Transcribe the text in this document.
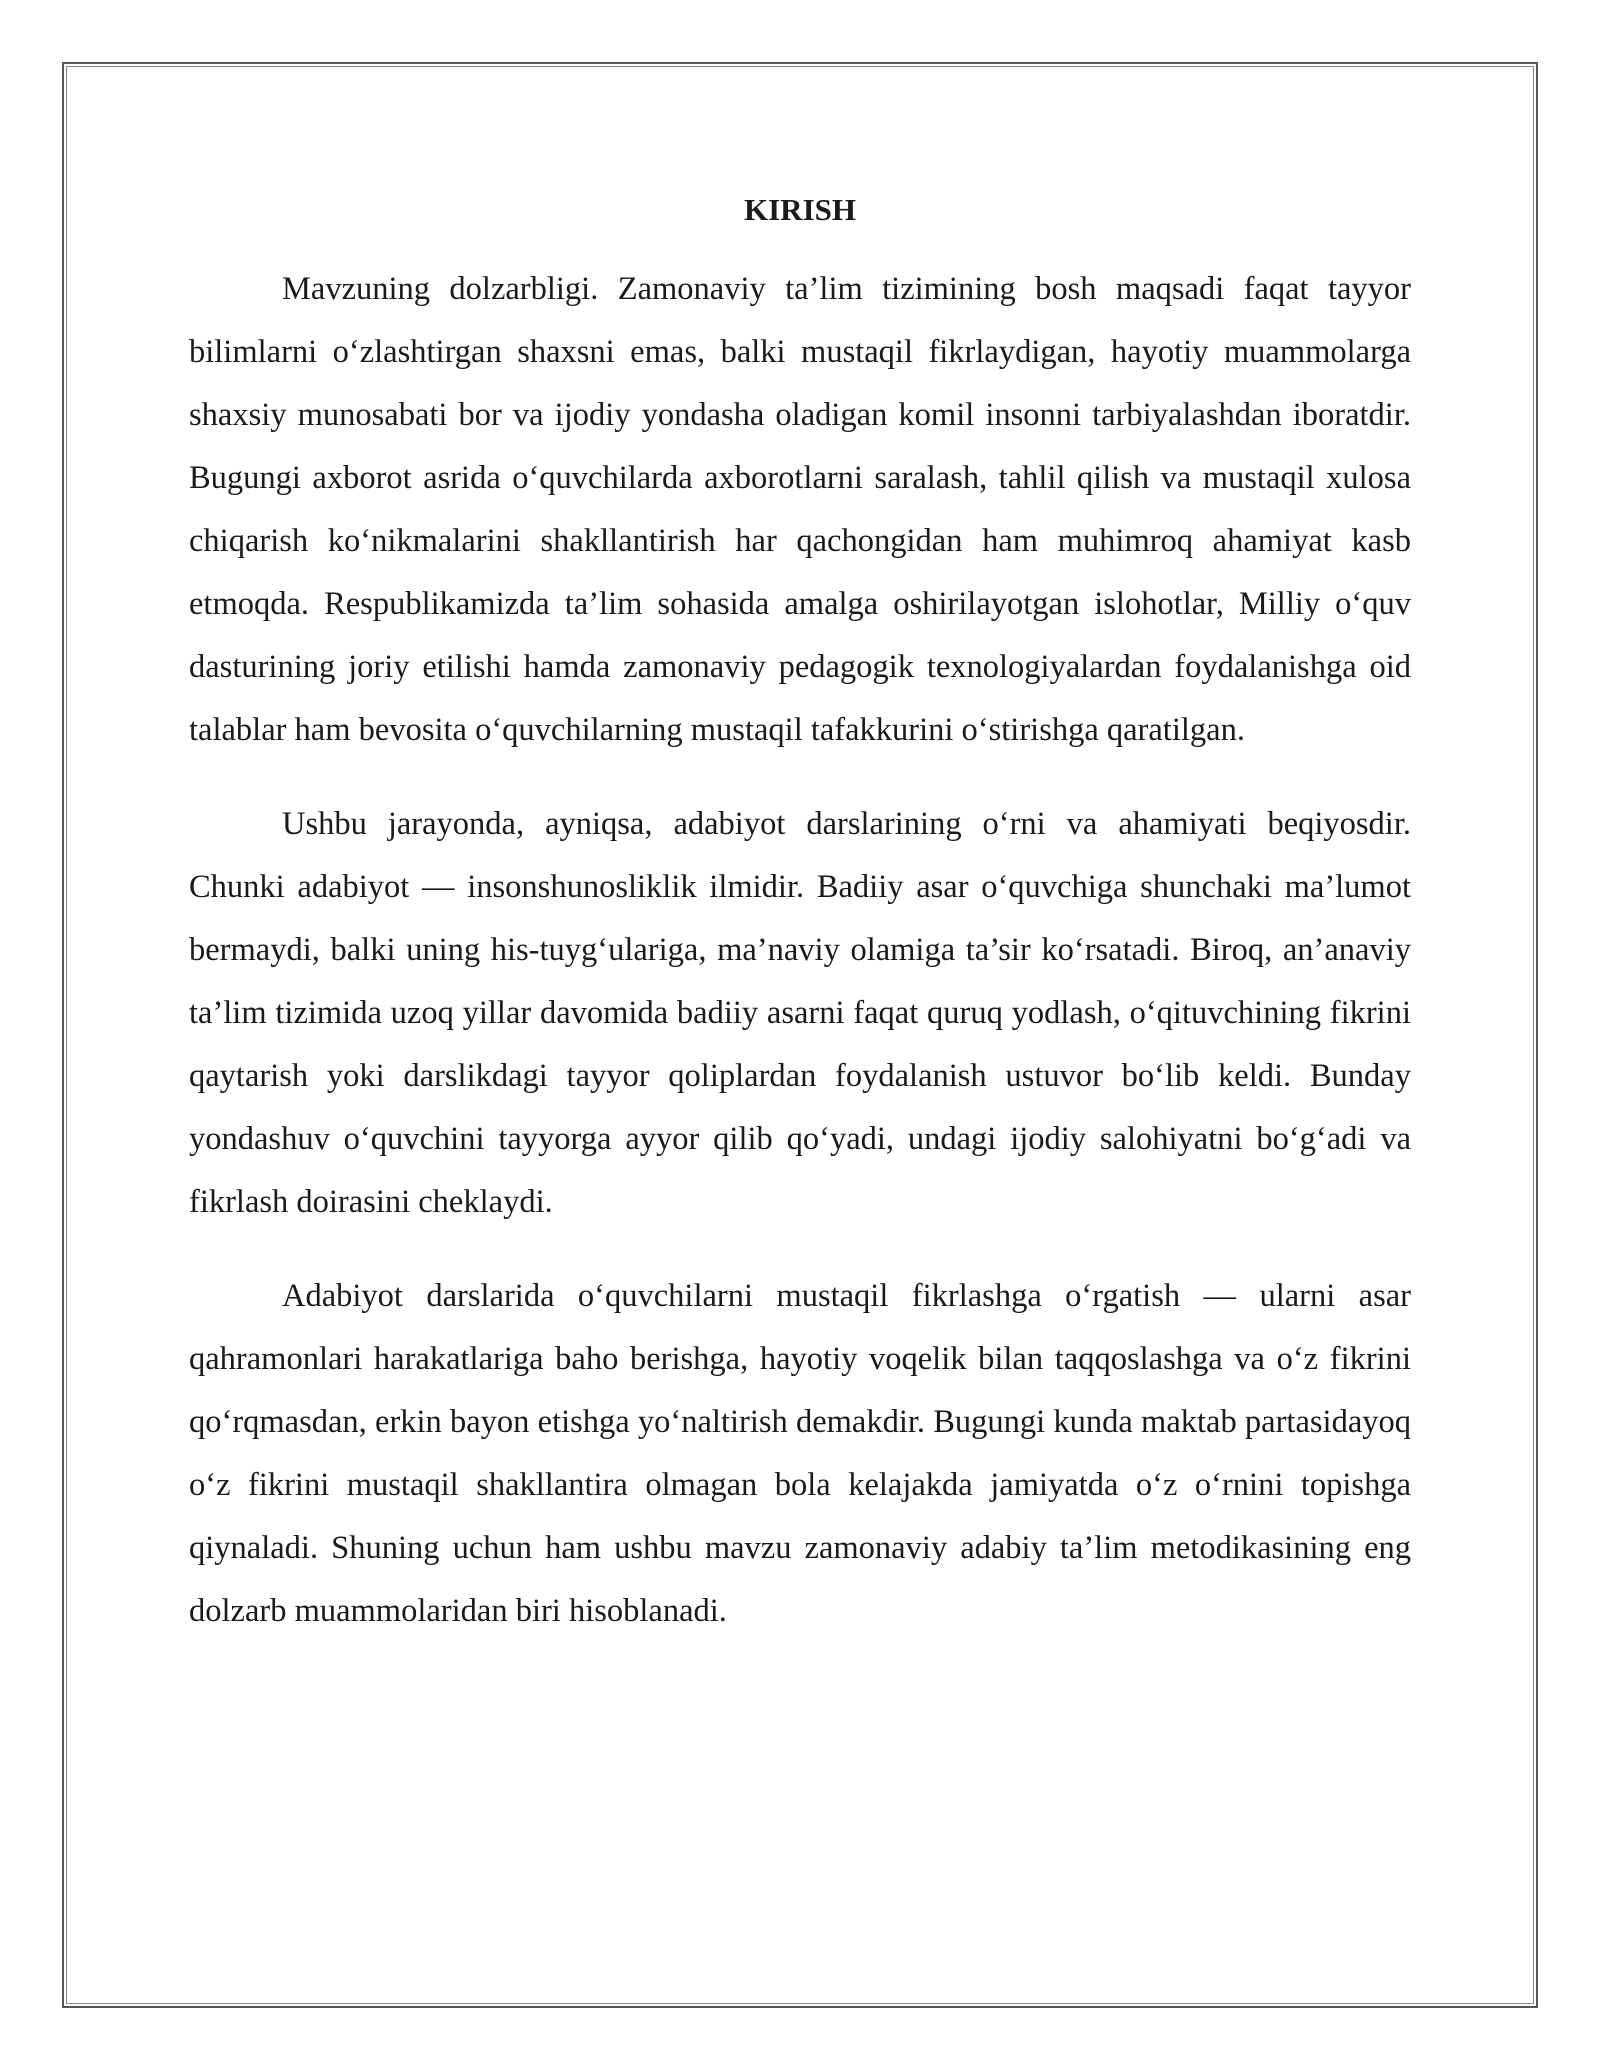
KIRISH

Mavzuning dolzarbligi. Zamonaviy ta’lim tizimining bosh maqsadi faqat tayyor bilimlarni o‘zlashtirgan shaxsni emas, balki mustaqil fikrlaydigan, hayotiy muammolarga shaxsiy munosabati bor va ijodiy yondasha oladigan komil insonni tarbiyalashdan iboratdir. Bugungi axborot asrida o‘quvchilarda axborotlarni saralash, tahlil qilish va mustaqil xulosa chiqarish ko‘nikmalarini shakllantirish har qachongidan ham muhimroq ahamiyat kasb etmoqda. Respublikamizda ta’lim sohasida amalga oshirilayotgan islohotlar, Milliy o‘quv dasturining joriy etilishi hamda zamonaviy pedagogik texnologiyalardan foydalanishga oid talablar ham bevosita o‘quvchilarning mustaqil tafakkurini o‘stirishga qaratilgan.

Ushbu jarayonda, ayniqsa, adabiyot darslarining o‘rni va ahamiyati beqiyosdir. Chunki adabiyot — insonshunosliklik ilmidir. Badiiy asar o‘quvchiga shunchaki ma’lumot bermaydi, balki uning his-tuyg‘ulariga, ma’naviy olamiga ta’sir ko‘rsatadi. Biroq, an’anaviy ta’lim tizimida uzoq yillar davomida badiiy asarni faqat quruq yodlash, o‘qituvchining fikrini qaytarish yoki darslikdagi tayyor qoliplardan foydalanish ustuvor bo‘lib keldi. Bunday yondashuv o‘quvchini tayyorga ayyor qilib qo‘yadi, undagi ijodiy salohiyatni bo‘g‘adi va fikrlash doirasini cheklaydi.

Adabiyot darslarida o‘quvchilarni mustaqil fikrlashga o‘rgatish — ularni asar qahramonlari harakatlariga baho berishga, hayotiy voqelik bilan taqqoslashga va o‘z fikrini qo‘rqmasdan, erkin bayon etishga yo‘naltirish demakdir. Bugungi kunda maktab partasidayoq o‘z fikrini mustaqil shakllantira olmagan bola kelajakda jamiyatda o‘z o‘rnini topishga qiynaladi. Shuning uchun ham ushbu mavzu zamonaviy adabiy ta’lim metodikasining eng dolzarb muammolaridan biri hisoblanadi.
